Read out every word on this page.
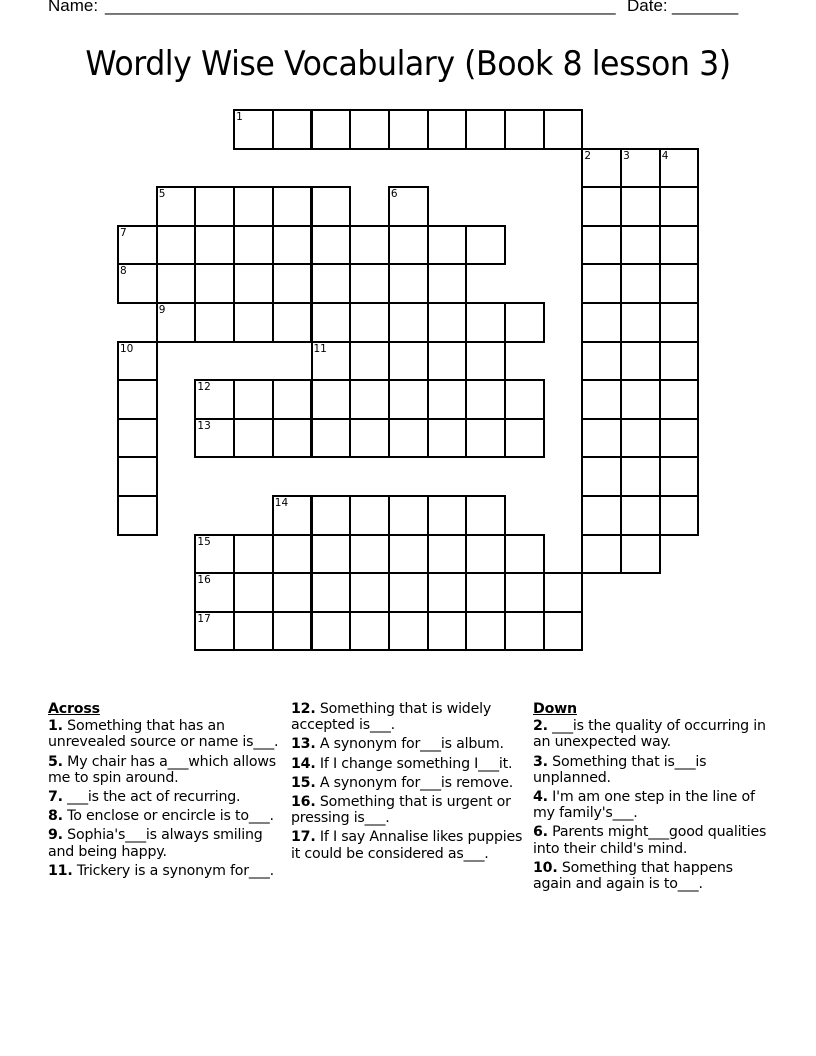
Name:

______________________________________________________

Date:

_______

Wordly Wise Vocabulary (Book 8 lesson 3)
1
2	3	4
5	6
7
8
9
10	11
12
13
14
15
16
17
Across
1. Something that has an unrevealed source or name is___.
5. My chair has a___which allows me to spin around.
7. ___is the act of recurring.
8. To enclose or encircle is to___.
9. Sophia's___is always smiling and being happy.
11. Trickery is a synonym for___.
12. Something that is widely accepted is___.
13. A synonym for___is album.
14. If I change something I___it.
15. A synonym for___is remove.
16. Something that is urgent or pressing is___.
17. If I say Annalise likes puppies it could be considered as___.
Down
2. ___is the quality of occurring in an unexpected way.
3. Something that is___is unplanned.
4. I'm am one step in the line of my family's___.
6. Parents might___good qualities into their child's mind.
10. Something that happens again and again is to___.
